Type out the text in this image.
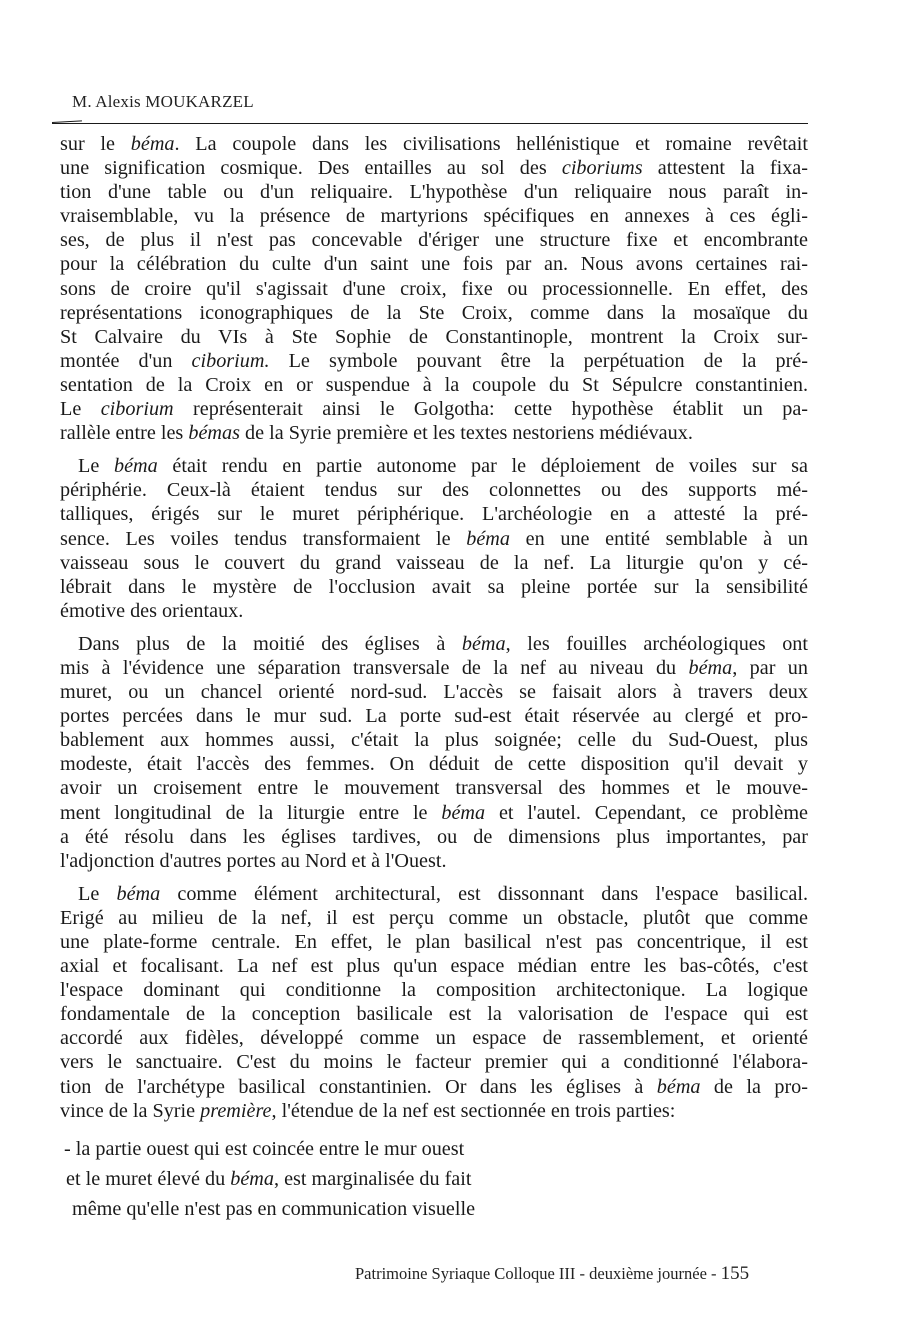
M. Alexis MOUKARZEL
sur le béma. La coupole dans les civilisations hellénistique et romaine revêtait
une signification cosmique. Des entailles au sol des ciboriums attestent la fixa-
tion d'une table ou d'un reliquaire. L'hypothèse d'un reliquaire nous paraît in-
vraisemblable, vu la présence de martyrions spécifiques en annexes à ces égli-
ses, de plus il n'est pas concevable d'ériger une structure fixe et encombrante
pour la célébration du culte d'un saint une fois par an. Nous avons certaines rai-
sons de croire qu'il s'agissait d'une croix, fixe ou processionnelle. En effet, des
représentations iconographiques de la Ste Croix, comme dans la mosaïque du
St Calvaire du VIs à Ste Sophie de Constantinople, montrent la Croix sur-
montée d'un ciborium. Le symbole pouvant être la perpétuation de la pré-
sentation de la Croix en or suspendue à la coupole du St Sépulcre constantinien.
Le ciborium représenterait ainsi le Golgotha: cette hypothèse établit un pa-
rallèle entre les bémas de la Syrie première et les textes nestoriens médiévaux.
Le béma était rendu en partie autonome par le déploiement de voiles sur sa
périphérie. Ceux-là étaient tendus sur des colonnettes ou des supports mé-
talliques, érigés sur le muret périphérique. L'archéologie en a attesté la pré-
sence. Les voiles tendus transformaient le béma en une entité semblable à un
vaisseau sous le couvert du grand vaisseau de la nef. La liturgie qu'on y cé-
lébrait dans le mystère de l'occlusion avait sa pleine portée sur la sensibilité
émotive des orientaux.
Dans plus de la moitié des églises à béma, les fouilles archéologiques ont
mis à l'évidence une séparation transversale de la nef au niveau du béma, par un
muret, ou un chancel orienté nord-sud. L'accès se faisait alors à travers deux
portes percées dans le mur sud. La porte sud-est était réservée au clergé et pro-
bablement aux hommes aussi, c'était la plus soignée; celle du Sud-Ouest, plus
modeste, était l'accès des femmes. On déduit de cette disposition qu'il devait y
avoir un croisement entre le mouvement transversal des hommes et le mouve-
ment longitudinal de la liturgie entre le béma et l'autel. Cependant, ce problème
a été résolu dans les églises tardives, ou de dimensions plus importantes, par
l'adjonction d'autres portes au Nord et à l'Ouest.
Le béma comme élément architectural, est dissonnant dans l'espace basilical.
Erigé au milieu de la nef, il est perçu comme un obstacle, plutôt que comme
une plate-forme centrale. En effet, le plan basilical n'est pas concentrique, il est
axial et focalisant. La nef est plus qu'un espace médian entre les bas-côtés, c'est
l'espace dominant qui conditionne la composition architectonique. La logique
fondamentale de la conception basilicale est la valorisation de l'espace qui est
accordé aux fidèles, développé comme un espace de rassemblement, et orienté
vers le sanctuaire. C'est du moins le facteur premier qui a conditionné l'élabora-
tion de l'archétype basilical constantinien. Or dans les églises à béma de la pro-
vince de la Syrie première, l'étendue de la nef est sectionnée en trois parties:
- la partie ouest qui est coincée entre le mur ouest
et le muret élevé du béma, est marginalisée du fait
même qu'elle n'est pas en communication visuelle
Patrimoine Syriaque Colloque III - deuxième journée - 155
